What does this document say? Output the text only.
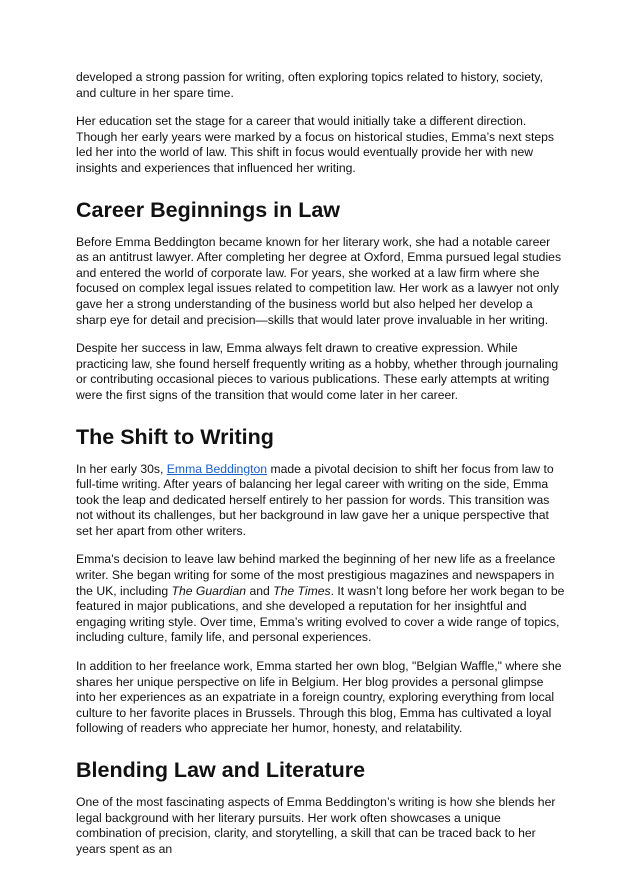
developed a strong passion for writing, often exploring topics related to history, society, and culture in her spare time.

Her education set the stage for a career that would initially take a different direction. Though her early years were marked by a focus on historical studies, Emma’s next steps led her into the world of law. This shift in focus would eventually provide her with new insights and experiences that influenced her writing.

Career Beginnings in Law

Before Emma Beddington became known for her literary work, she had a notable career as an antitrust lawyer. After completing her degree at Oxford, Emma pursued legal studies and entered the world of corporate law. For years, she worked at a law firm where she focused on complex legal issues related to competition law. Her work as a lawyer not only gave her a strong understanding of the business world but also helped her develop a sharp eye for detail and precision—skills that would later prove invaluable in her writing.

Despite her success in law, Emma always felt drawn to creative expression. While practicing law, she found herself frequently writing as a hobby, whether through journaling or contributing occasional pieces to various publications. These early attempts at writing were the first signs of the transition that would come later in her career.

The Shift to Writing

In her early 30s, Emma Beddington made a pivotal decision to shift her focus from law to full-time writing. After years of balancing her legal career with writing on the side, Emma took the leap and dedicated herself entirely to her passion for words. This transition was not without its challenges, but her background in law gave her a unique perspective that set her apart from other writers.

Emma's decision to leave law behind marked the beginning of her new life as a freelance writer. She began writing for some of the most prestigious magazines and newspapers in the UK, including The Guardian and The Times. It wasn’t long before her work began to be featured in major publications, and she developed a reputation for her insightful and engaging writing style. Over time, Emma’s writing evolved to cover a wide range of topics, including culture, family life, and personal experiences.

In addition to her freelance work, Emma started her own blog, "Belgian Waffle," where she shares her unique perspective on life in Belgium. Her blog provides a personal glimpse into her experiences as an expatriate in a foreign country, exploring everything from local culture to her favorite places in Brussels. Through this blog, Emma has cultivated a loyal following of readers who appreciate her humor, honesty, and relatability.

Blending Law and Literature

One of the most fascinating aspects of Emma Beddington’s writing is how she blends her legal background with her literary pursuits. Her work often showcases a unique combination of precision, clarity, and storytelling, a skill that can be traced back to her years spent as an
